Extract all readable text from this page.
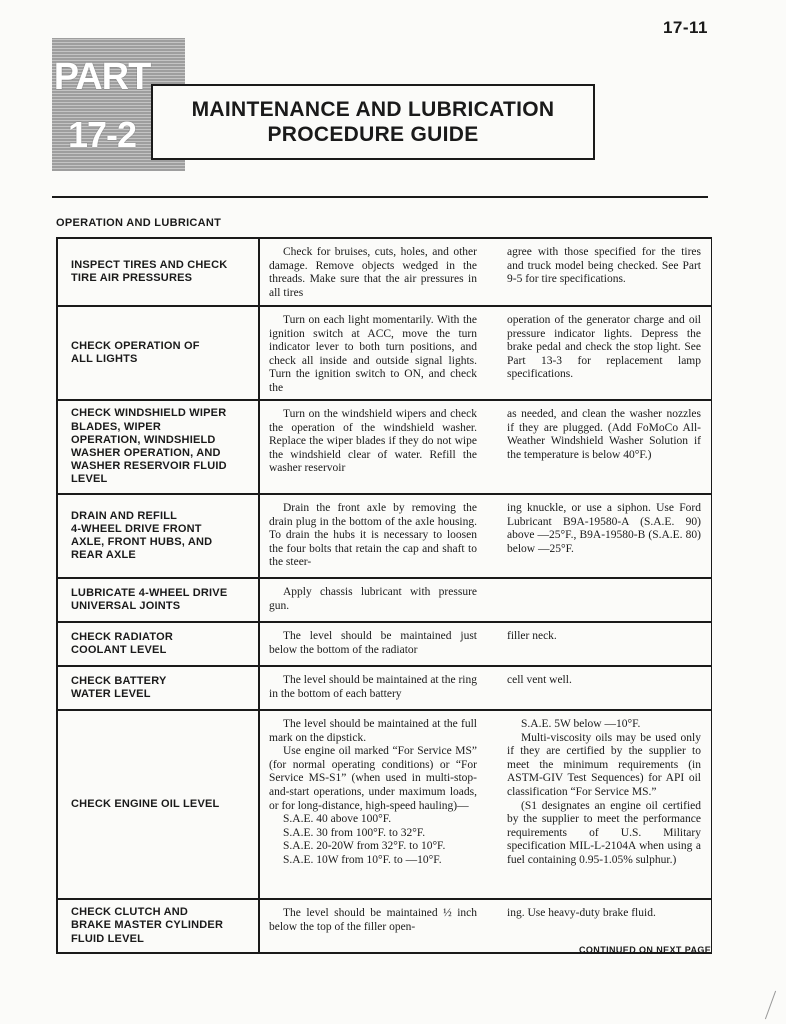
17-11
PART
17-2
MAINTENANCE AND LUBRICATION
PROCEDURE GUIDE
OPERATION AND LUBRICANT
INSPECT TIRES AND CHECK
TIRE AIR PRESSURES

Check for bruises, cuts, holes, and other damage. Remove objects wedged in the threads. Make sure that the air pressures in all tires

agree with those specified for the tires and truck model being checked. See Part 9-5 for tire specifications.

CHECK OPERATION OF
ALL LIGHTS

Turn on each light momentarily. With the ignition switch at ACC, move the turn indicator lever to both turn positions, and check all inside and outside signal lights. Turn the ignition switch to ON, and check the

operation of the generator charge and oil pressure indicator lights. Depress the brake pedal and check the stop light. See Part 13-3 for replacement lamp specifications.

CHECK WINDSHIELD WIPER
BLADES, WIPER
OPERATION, WINDSHIELD
WASHER OPERATION, AND
WASHER RESERVOIR FLUID
LEVEL

Turn on the windshield wipers and check the operation of the windshield washer. Replace the wiper blades if they do not wipe the windshield clear of water. Refill the washer reservoir

as needed, and clean the washer nozzles if they are plugged. (Add FoMoCo All-Weather Windshield Washer Solution if the temperature is below 40°F.)

DRAIN AND REFILL
4-WHEEL DRIVE FRONT
AXLE, FRONT HUBS, AND
REAR AXLE

Drain the front axle by removing the drain plug in the bottom of the axle housing. To drain the hubs it is necessary to loosen the four bolts that retain the cap and shaft to the steer-

ing knuckle, or use a siphon. Use Ford Lubricant B9A-19580-A (S.A.E. 90) above —25°F., B9A-19580-B (S.A.E. 80) below —25°F.

LUBRICATE 4-WHEEL DRIVE
UNIVERSAL JOINTS

Apply chassis lubricant with pressure gun.

CHECK RADIATOR
COOLANT LEVEL

The level should be maintained just below the bottom of the radiator

filler neck.

CHECK BATTERY
WATER LEVEL

The level should be maintained at the ring in the bottom of each battery

cell vent well.

CHECK ENGINE OIL LEVEL

The level should be maintained at the full mark on the dipstick.

Use engine oil marked “For Service MS” (for normal operating conditions) or “For Service MS-S1” (when used in multi-stop-and-start operations, under maximum loads, or for long-distance, high-speed hauling)—

S.A.E. 40 above 100°F.

S.A.E. 30 from 100°F. to 32°F.

S.A.E. 20-20W from 32°F. to 10°F.

S.A.E. 10W from 10°F. to —10°F.

S.A.E. 5W below —10°F.

Multi-viscosity oils may be used only if they are certified by the supplier to meet the minimum requirements (in ASTM-GIV Test Sequences) for API oil classification “For Service MS.”

(S1 designates an engine oil certified by the supplier to meet the performance requirements of U.S. Military specification MIL-L-2104A when using a fuel containing 0.95-1.05% sulphur.)

CHECK CLUTCH AND
BRAKE MASTER CYLINDER
FLUID LEVEL

The level should be maintained ½ inch below the top of the filler open-

ing. Use heavy-duty brake fluid.

CONTINUED ON NEXT PAGE
